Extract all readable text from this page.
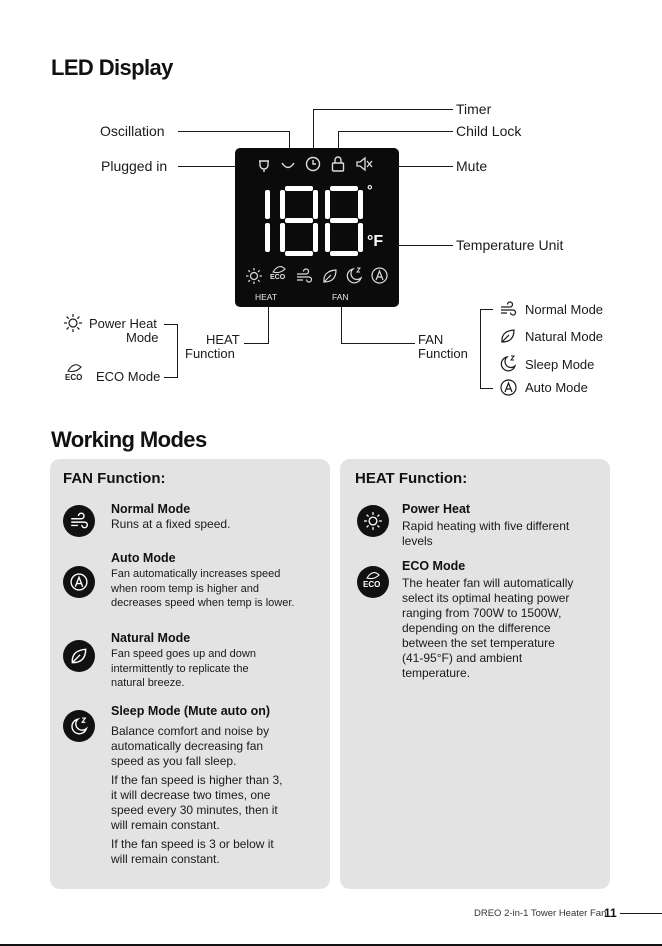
LED Display
Oscillation
Plugged in
Timer
Child Lock
Mute
Temperature Unit
°
°F
ECO
HEAT	FAN
Power Heat
Mode
ECO ECO Mode
HEAT
Function
FAN
Function
Normal Mode
Natural Mode
Sleep Mode
Auto Mode
Working Modes
FAN Function:
Normal Mode
Runs at a fixed speed.
Auto Mode
Fan automatically increases speed
when room temp is higher and
decreases speed when temp is lower.
Natural Mode
Fan speed goes up and down
intermittently to replicate the
natural breeze.
Sleep Mode (Mute auto on)
Balance comfort and noise by
automatically decreasing fan
speed as you fall sleep.
If the fan speed is higher than 3,
it will decrease two times, one
speed every 30 minutes, then it
will remain constant.
If the fan speed is 3 or below it
will remain constant.
HEAT Function:
Power Heat
Rapid heating with five different
levels
ECO
ECO Mode
The heater fan will automatically
select its optimal heating power
ranging from 700W to 1500W,
depending on the difference
between the set temperature
(41-95°F) and ambient
temperature.
DREO 2-in-1 Tower Heater Fan
11
